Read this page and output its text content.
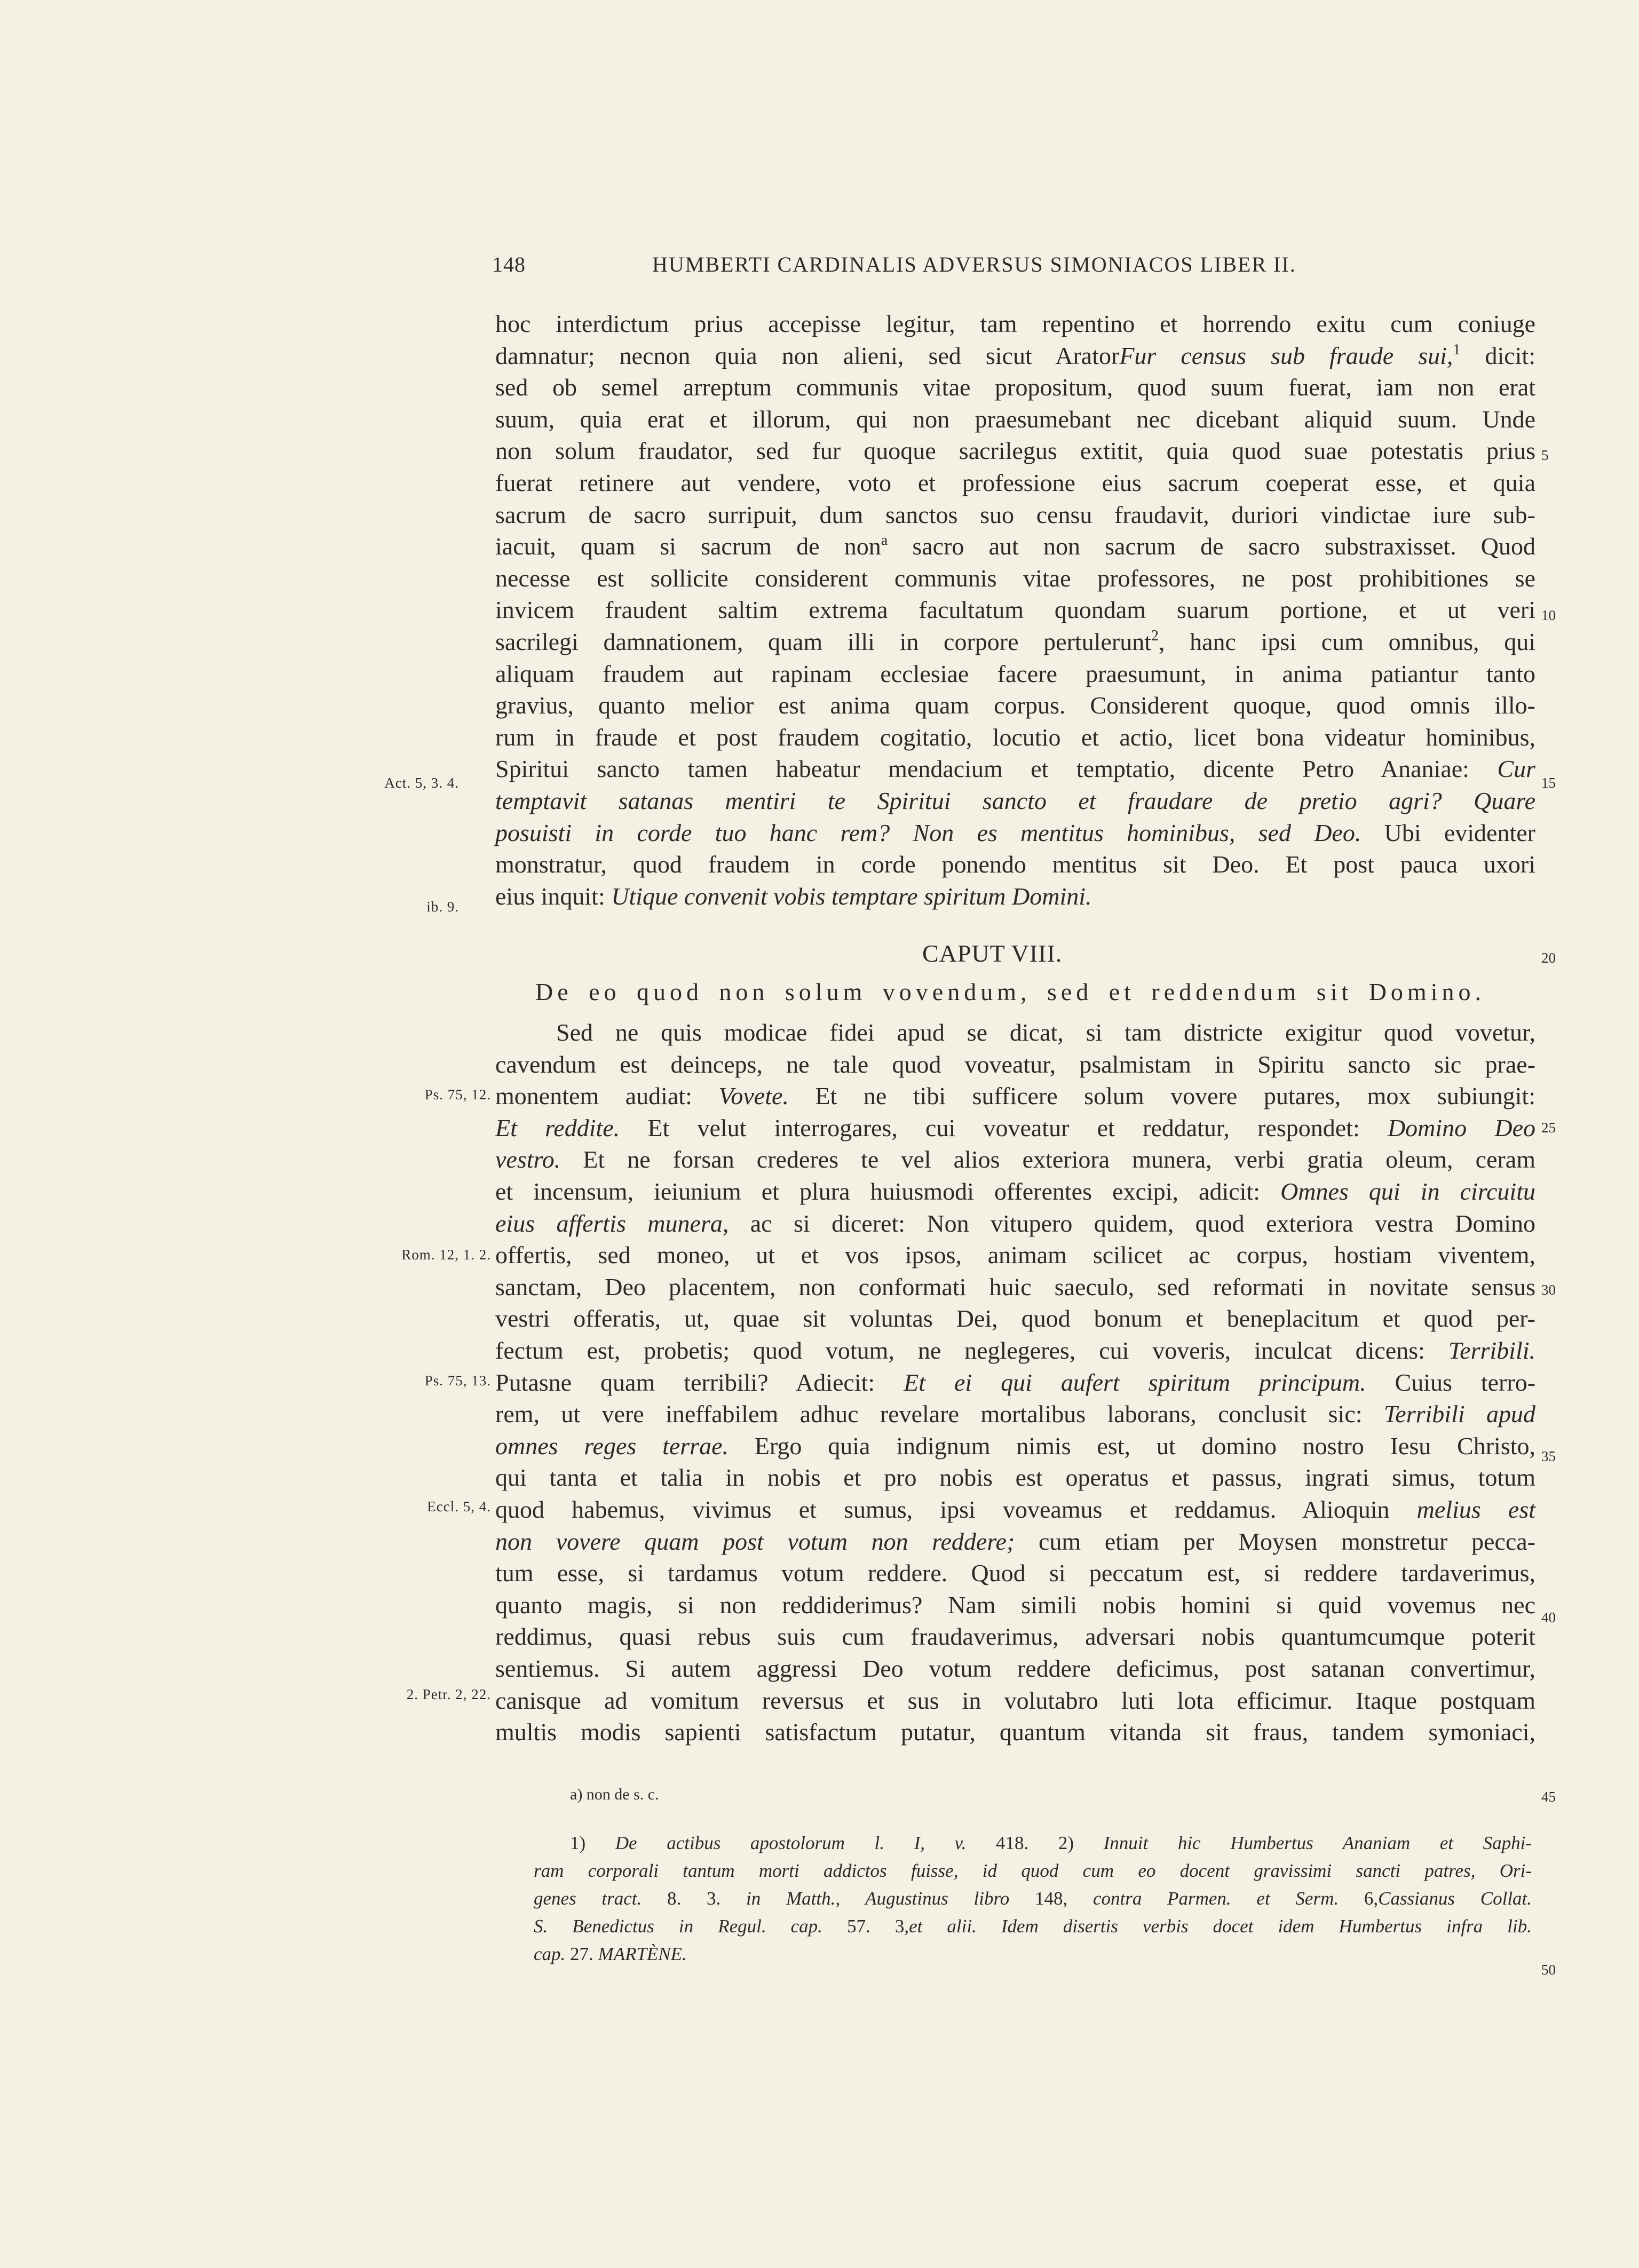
148	HUMBERTI CARDINALIS ADVERSUS SIMONIACOS LIBER II.
hoc interdictum prius accepisse legitur, tam repentino et horrendo exitu cum coniuge
damnatur; necnon quia non alieni, sed sicut AratorFur census sub fraude sui,$^1$ dicit:
sed ob semel arreptum communis vitae propositum, quod suum fuerat, iam non erat
suum, quia erat et illorum, qui non praesumebant nec dicebant aliquid suum. Unde
non solum fraudator, sed fur quoque sacrilegus extitit, quia quod suae potestatis prius
fuerat retinere aut vendere, voto et professione eius sacrum coeperat esse, et quia
sacrum de sacro surripuit, dum sanctos suo censu fraudavit, duriori vindictae iure sub-
iacuit, quam si sacrum de non$^a$ sacro aut non sacrum de sacro substraxisset. Quod
necesse est sollicite considerent communis vitae professores, ne post prohibitiones se
invicem fraudent saltim extrema facultatum quondam suarum portione, et ut veri
sacrilegi damnationem, quam illi in corpore pertulerunt$^2$, hanc ipsi cum omnibus, qui
aliquam fraudem aut rapinam ecclesiae facere praesumunt, in anima patiantur tanto
gravius, quanto melior est anima quam corpus. Considerent quoque, quod omnis illo-
rum in fraude et post fraudem cogitatio, locutio et actio, licet bona videatur hominibus,
Spiritui sancto tamen habeatur mendacium et temptatio, dicente Petro Ananiae: Cur
temptavit satanas mentiri te Spiritui sancto et fraudare de pretio agri? Quare
posuisti in corde tuo hanc rem? Non es mentitus hominibus, sed Deo. Ubi evidenter
monstratur, quod fraudem in corde ponendo mentitus sit Deo. Et post pauca uxori
eius inquit: Utique convenit vobis temptare spiritum Domini.
CAPUT VIII.
De eo quod non solum vovendum, sed et reddendum sit Domino.
Sed ne quis modicae fidei apud se dicat, si tam districte exigitur quod vovetur,
cavendum est deinceps, ne tale quod voveatur, psalmistam in Spiritu sancto sic prae-
monentem audiat: Vovete. Et ne tibi sufficere solum vovere putares, mox subiungit:
Et reddite. Et velut interrogares, cui voveatur et reddatur, respondet: Domino Deo
vestro. Et ne forsan crederes te vel alios exteriora munera, verbi gratia oleum, ceram
et incensum, ieiunium et plura huiusmodi offerentes excipi, adicit: Omnes qui in circuitu
eius affertis munera, ac si diceret: Non vitupero quidem, quod exteriora vestra Domino
offertis, sed moneo, ut et vos ipsos, animam scilicet ac corpus, hostiam viventem,
sanctam, Deo placentem, non conformati huic saeculo, sed reformati in novitate sensus
vestri offeratis, ut, quae sit voluntas Dei, quod bonum et beneplacitum et quod per-
fectum est, probetis; quod votum, ne neglegeres, cui voveris, inculcat dicens: Terribili.
Putasne quam terribili? Adiecit: Et ei qui aufert spiritum principum. Cuius terro-
rem, ut vere ineffabilem adhuc revelare mortalibus laborans, conclusit sic: Terribili apud
omnes reges terrae. Ergo quia indignum nimis est, ut domino nostro Iesu Christo,
qui tanta et talia in nobis et pro nobis est operatus et passus, ingrati simus, totum
quod habemus, vivimus et sumus, ipsi voveamus et reddamus. Alioquin melius est
non vovere quam post votum non reddere; cum etiam per Moysen monstretur pecca-
tum esse, si tardamus votum reddere. Quod si peccatum est, si reddere tardaverimus,
quanto magis, si non reddiderimus? Nam simili nobis homini si quid vovemus nec
reddimus, quasi rebus suis cum fraudaverimus, adversari nobis quantumcumque poterit
sentiemus. Si autem aggressi Deo votum reddere deficimus, post satanan convertimur,
canisque ad vomitum reversus et sus in volutabro luti lota efficimur. Itaque postquam
multis modis sapienti satisfactum putatur, quantum vitanda sit fraus, tandem symoniaci,
Act. 5, 3. 4.
ib. 9.
Ps. 75, 12.
Rom. 12, 1. 2.
Ps. 75, 13.
Eccl. 5, 4.
2. Petr. 2, 22.
5
10
15
20
25
30
35
40
45
50
a) non de s. c.
1) De actibus apostolorum l. I, v. 418. 2) Innuit hic Humbertus Ananiam et Saphi-
ram corporali tantum morti addictos fuisse, id quod cum eo docent gravissimi sancti patres, Ori-
genes tract. 8. 3. in Matth., Augustinus libro 148, contra Parmen. et Serm. 6,Cassianus Collat.
S. Benedictus in Regul. cap. 57. 3,et alii. Idem disertis verbis docet idem Humbertus infra lib.
cap. 27. MARTÈNE.
